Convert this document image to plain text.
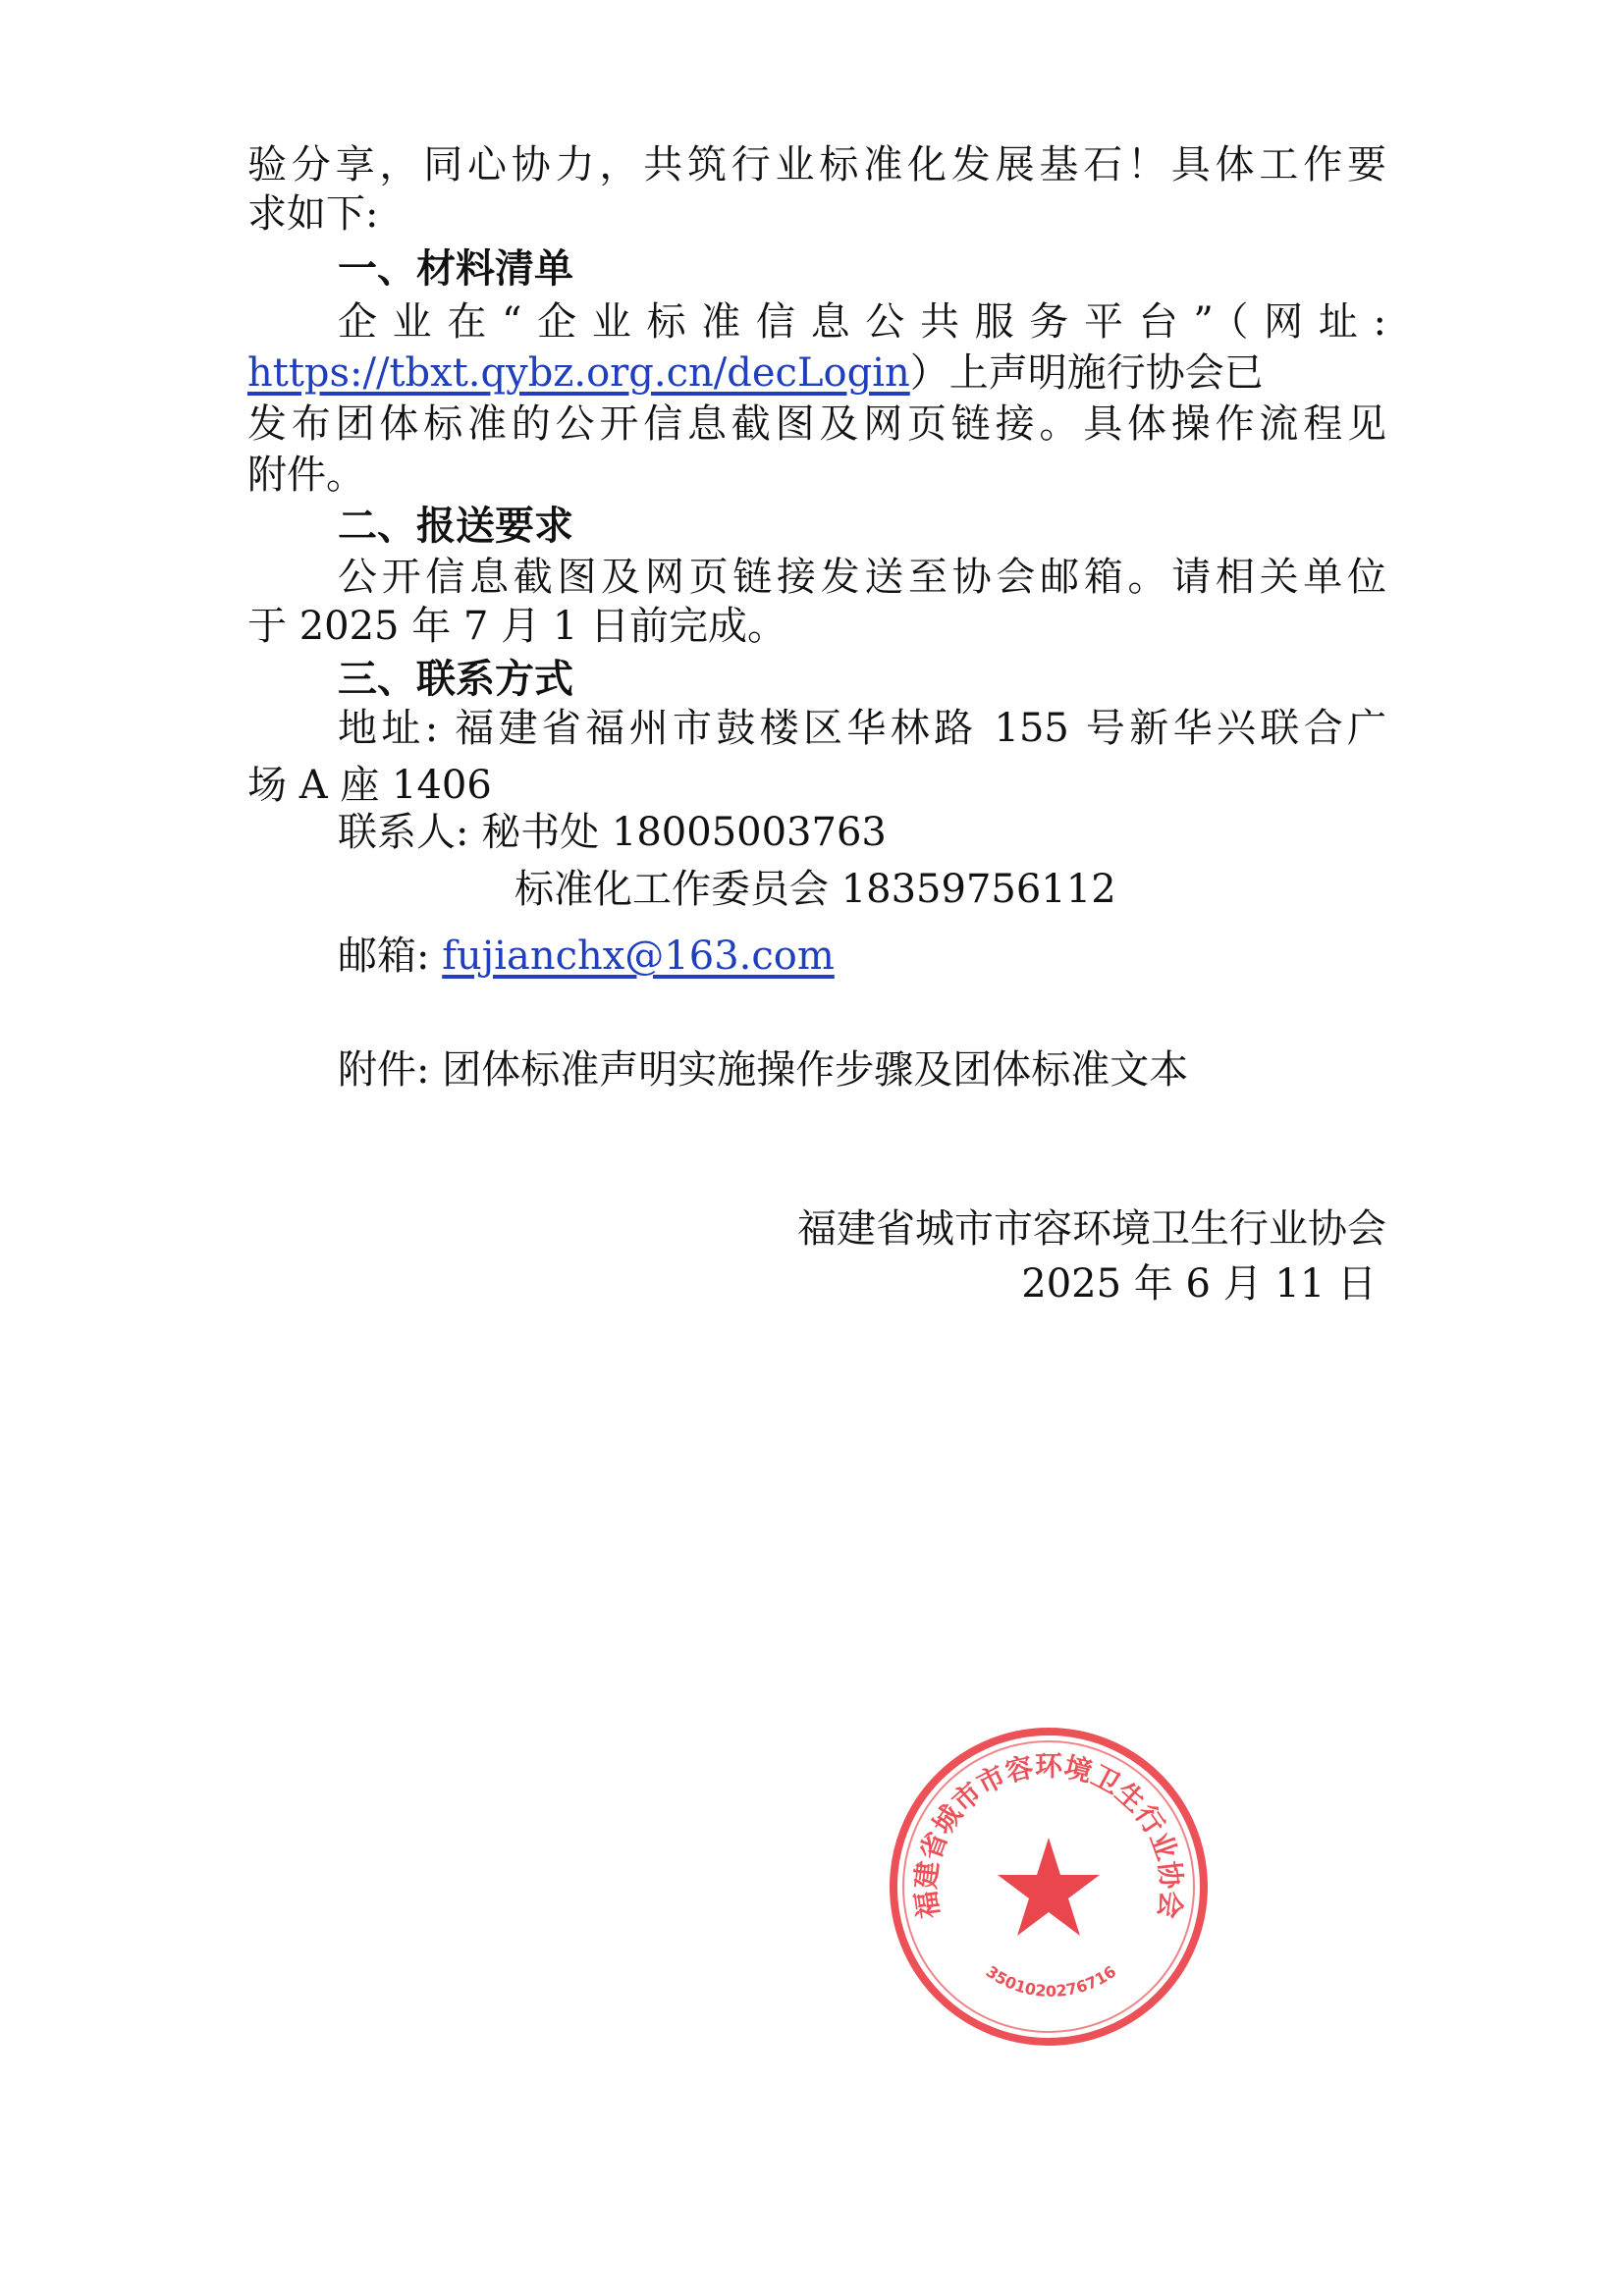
验分享，同心协力，共筑行业标准化发展基石！具体工作要
求如下:
一、材料清单
企业在“企业标准信息公共服务平台”（网址:
https://tbxt.qybz.org.cn/decLogin）上声明施行协会已
发布团体标准的公开信息截图及网页链接。具体操作流程见
附件。
二、报送要求
公开信息截图及网页链接发送至协会邮箱。请相关单位
于 2025 年 7 月 1 日前完成。
三、联系方式
地址: 福建省福州市鼓楼区华林路 155 号新华兴联合广
场 A 座 1406
联系人: 秘书处 18005003763
标准化工作委员会 18359756112
邮箱: fujianchx@163.com
附件: 团体标准声明实施操作步骤及团体标准文本
福建省城市市容环境卫生行业协会
3501020276716
福建省城市市容环境卫生行业协会
2025 年 6 月 11 日
